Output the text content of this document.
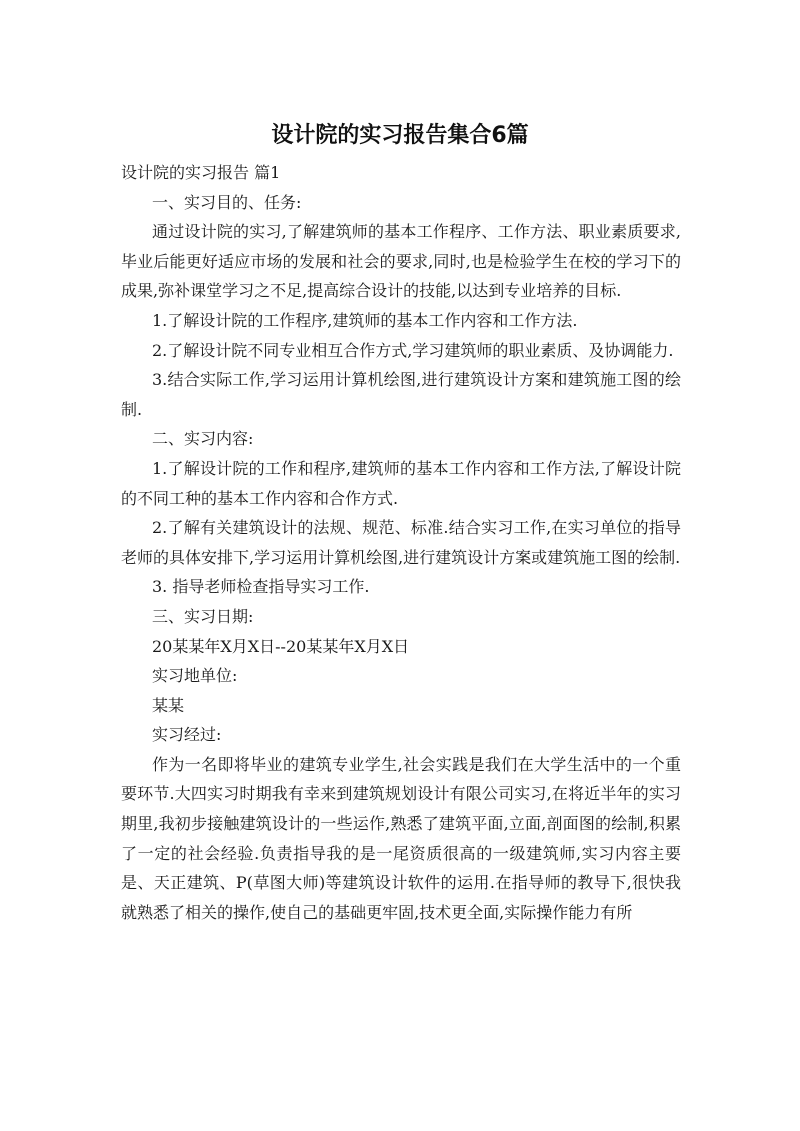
设计院的实习报告集合6篇

设计院的实习报告 篇1

一、实习目的、任务:

通过设计院的实习,了解建筑师的基本工作程序、工作方法、职业素质要求,毕业后能更好适应市场的发展和社会的要求,同时,也是检验学生在校的学习下的成果,弥补课堂学习之不足,提高综合设计的技能,以达到专业培养的目标.

1.了解设计院的工作程序,建筑师的基本工作内容和工作方法.

2.了解设计院不同专业相互合作方式,学习建筑师的职业素质、及协调能力.

3.结合实际工作,学习运用计算机绘图,进行建筑设计方案和建筑施工图的绘制.

二、实习内容:

1.了解设计院的工作和程序,建筑师的基本工作内容和工作方法,了解设计院的不同工种的基本工作内容和合作方式.

2.了解有关建筑设计的法规、规范、标准.结合实习工作,在实习单位的指导老师的具体安排下,学习运用计算机绘图,进行建筑设计方案或建筑施工图的绘制.

3. 指导老师检查指导实习工作.

三、实习日期:

20某某年X月X日--20某某年X月X日

实习地单位:

某某

实习经过:

作为一名即将毕业的建筑专业学生,社会实践是我们在大学生活中的一个重要环节.大四实习时期我有幸来到建筑规划设计有限公司实习,在将近半年的实习期里,我初步接触建筑设计的一些运作,熟悉了建筑平面,立面,剖面图的绘制,积累了一定的社会经验.负责指导我的是一尾资质很高的一级建筑师,实习内容主要是、天正建筑、P(草图大师)等建筑设计软件的运用.在指导师的教导下,很快我就熟悉了相关的操作,使自己的基础更牢固,技术更全面,实际操作能力有所
